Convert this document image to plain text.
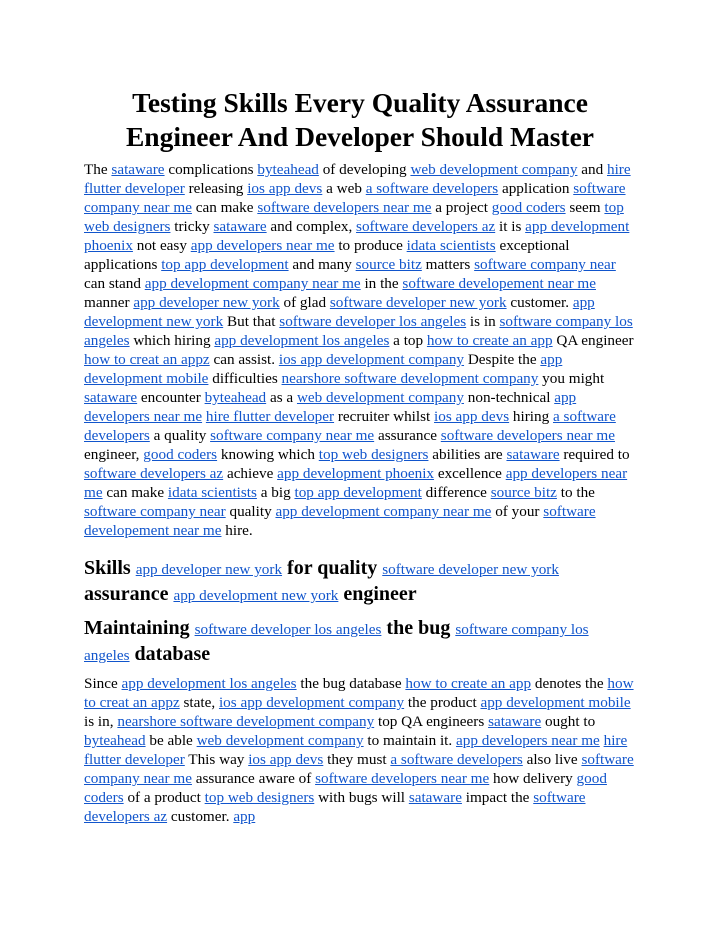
Testing Skills Every Quality Assurance Engineer And Developer Should Master

The sataware complications byteahead of developing web development company and hire flutter developer releasing ios app devs a web a software developers application software company near me can make software developers near me a project good coders seem top web designers tricky sataware and complex, software developers az it is app development phoenix not easy app developers near me to produce idata scientists exceptional applications top app development and many source bitz matters software company near can stand app development company near me in the software developement near me manner app developer new york of glad software developer new york customer. app development new york But that software developer los angeles is in software company los angeles which hiring app development los angeles a top how to create an app QA engineer how to creat an appz can assist. ios app development company Despite the app development mobile difficulties nearshore software development company you might sataware encounter byteahead as a web development company non-technical app developers near me hire flutter developer recruiter whilst ios app devs hiring a software developers a quality software company near me assurance software developers near me engineer, good coders knowing which top web designers abilities are sataware required to software developers az achieve app development phoenix excellence app developers near me can make idata scientists a big top app development difference source bitz to the software company near quality app development company near me of your software developement near me hire.

Skills app developer new york for quality software developer new york assurance app development new york engineer
Maintaining software developer los angeles the bug software company los angeles database

Since app development los angeles the bug database how to create an app denotes the how to creat an appz state, ios app development company the product app development mobile is in, nearshore software development company top QA engineers sataware ought to byteahead be able web development company to maintain it. app developers near me hire flutter developer This way ios app devs they must a software developers also live software company near me assurance aware of software developers near me how delivery good coders of a product top web designers with bugs will sataware impact the software developers az customer. app
